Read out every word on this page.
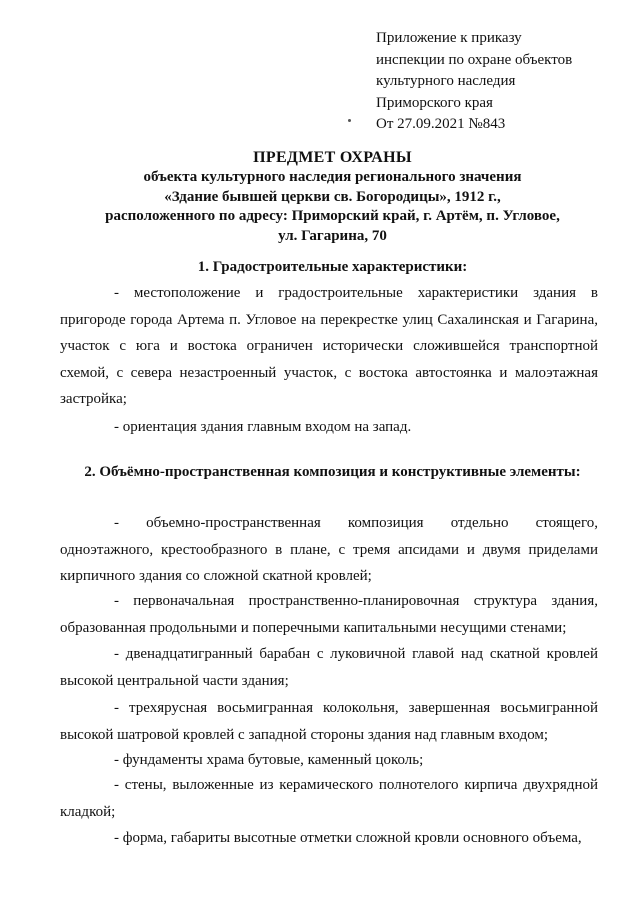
Приложение к приказу
инспекции по охране объектов
культурного наследия
Приморского края
От 27.09.2021 №843
ПРЕДМЕТ ОХРАНЫ
объекта культурного наследия регионального значения
«Здание бывшей церкви св. Богородицы», 1912 г.,
расположенного по адресу: Приморский край, г. Артём, п. Угловое,
ул. Гагарина, 70
1. Градостроительные характеристики:
- местоположение и градостроительные характеристики здания в пригороде города Артема п. Угловое на перекрестке улиц Сахалинская и Гагарина, участок с юга и востока ограничен исторически сложившейся транспортной схемой, с севера незастроенный участок, с востока автостоянка и малоэтажная застройка;
- ориентация здания главным входом на запад.
2. Объёмно-пространственная композиция и конструктивные элементы:
- объемно-пространственная композиция отдельно стоящего, одноэтажного, крестообразного в плане, с тремя апсидами и двумя приделами кирпичного здания со сложной скатной кровлей;
- первоначальная пространственно-планировочная структура здания, образованная продольными и поперечными капитальными несущими стенами;
- двенадцатигранный барабан с луковичной главой над скатной кровлей высокой центральной части здания;
- трехярусная восьмигранная колокольня, завершенная восьмигранной высокой шатровой кровлей с западной стороны здания над главным входом;
- фундаменты храма бутовые, каменный цоколь;
- стены, выложенные из керамического полнотелого кирпича двухрядной кладкой;
- форма, габариты высотные отметки сложной кровли основного объема,
